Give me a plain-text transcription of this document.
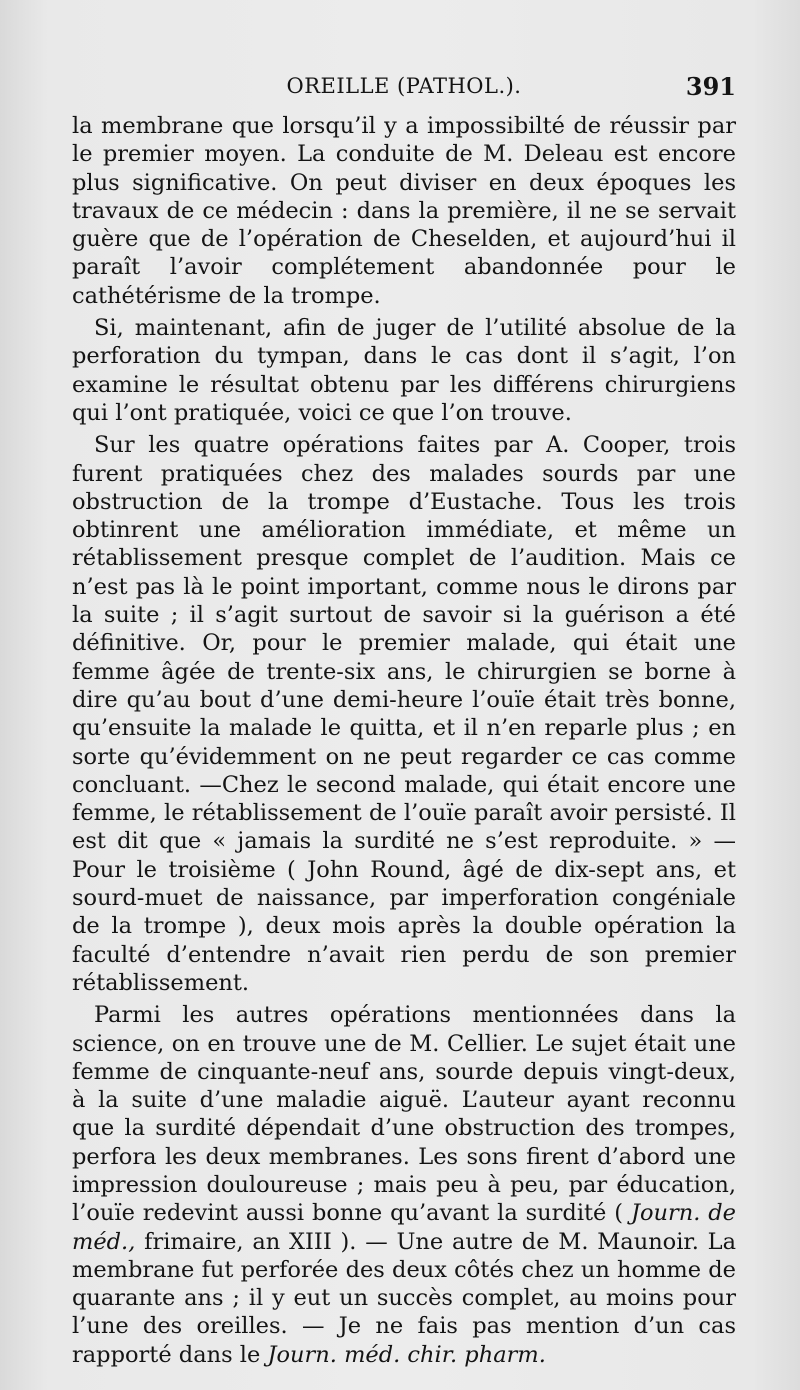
OREILLE (PATHOL.).	391

la membrane que lorsqu’il y a impossibilté de réussir par le premier moyen. La conduite de M. Deleau est encore plus significative. On peut diviser en deux époques les travaux de ce médecin : dans la première, il ne se servait guère que de l’opération de Cheselden, et aujourd’hui il paraît l’avoir complétement abandonnée pour le cathétérisme de la trompe.

Si, maintenant, afin de juger de l’utilité absolue de la perforation du tympan, dans le cas dont il s’agit, l’on examine le résultat obtenu par les différens chirurgiens qui l’ont pratiquée, voici ce que l’on trouve.

Sur les quatre opérations faites par A. Cooper, trois furent pratiquées chez des malades sourds par une obstruction de la trompe d’Eustache. Tous les trois obtinrent une amélioration immédiate, et même un rétablissement presque complet de l’audition. Mais ce n’est pas là le point important, comme nous le dirons par la suite ; il s’agit surtout de savoir si la guérison a été définitive. Or, pour le premier malade, qui était une femme âgée de trente-six ans, le chirurgien se borne à dire qu’au bout d’une demi-heure l’ouïe était très bonne, qu’ensuite la malade le quitta, et il n’en reparle plus ; en sorte qu’évidemment on ne peut regarder ce cas comme concluant. —Chez le second malade, qui était encore une femme, le rétablissement de l’ouïe paraît avoir persisté. Il est dit que « jamais la surdité ne s’est reproduite. » — Pour le troisième ( John Round, âgé de dix-sept ans, et sourd-muet de naissance, par imperforation congéniale de la trompe ), deux mois après la double opération la faculté d’entendre n’avait rien perdu de son premier rétablissement.

Parmi les autres opérations mentionnées dans la science, on en trouve une de M. Cellier. Le sujet était une femme de cinquante-neuf ans, sourde depuis vingt-deux, à la suite d’une maladie aiguë. L’auteur ayant reconnu que la surdité dépendait d’une obstruction des trompes, perfora les deux membranes. Les sons firent d’abord une impression douloureuse ; mais peu à peu, par éducation, l’ouïe redevint aussi bonne qu’avant la surdité ( Journ. de méd., frimaire, an XIII ). — Une autre de M. Maunoir. La membrane fut perforée des deux côtés chez un homme de quarante ans ; il y eut un succès complet, au moins pour l’une des oreilles. — Je ne fais pas mention d’un cas rapporté dans le Journ. méd. chir. pharm.
